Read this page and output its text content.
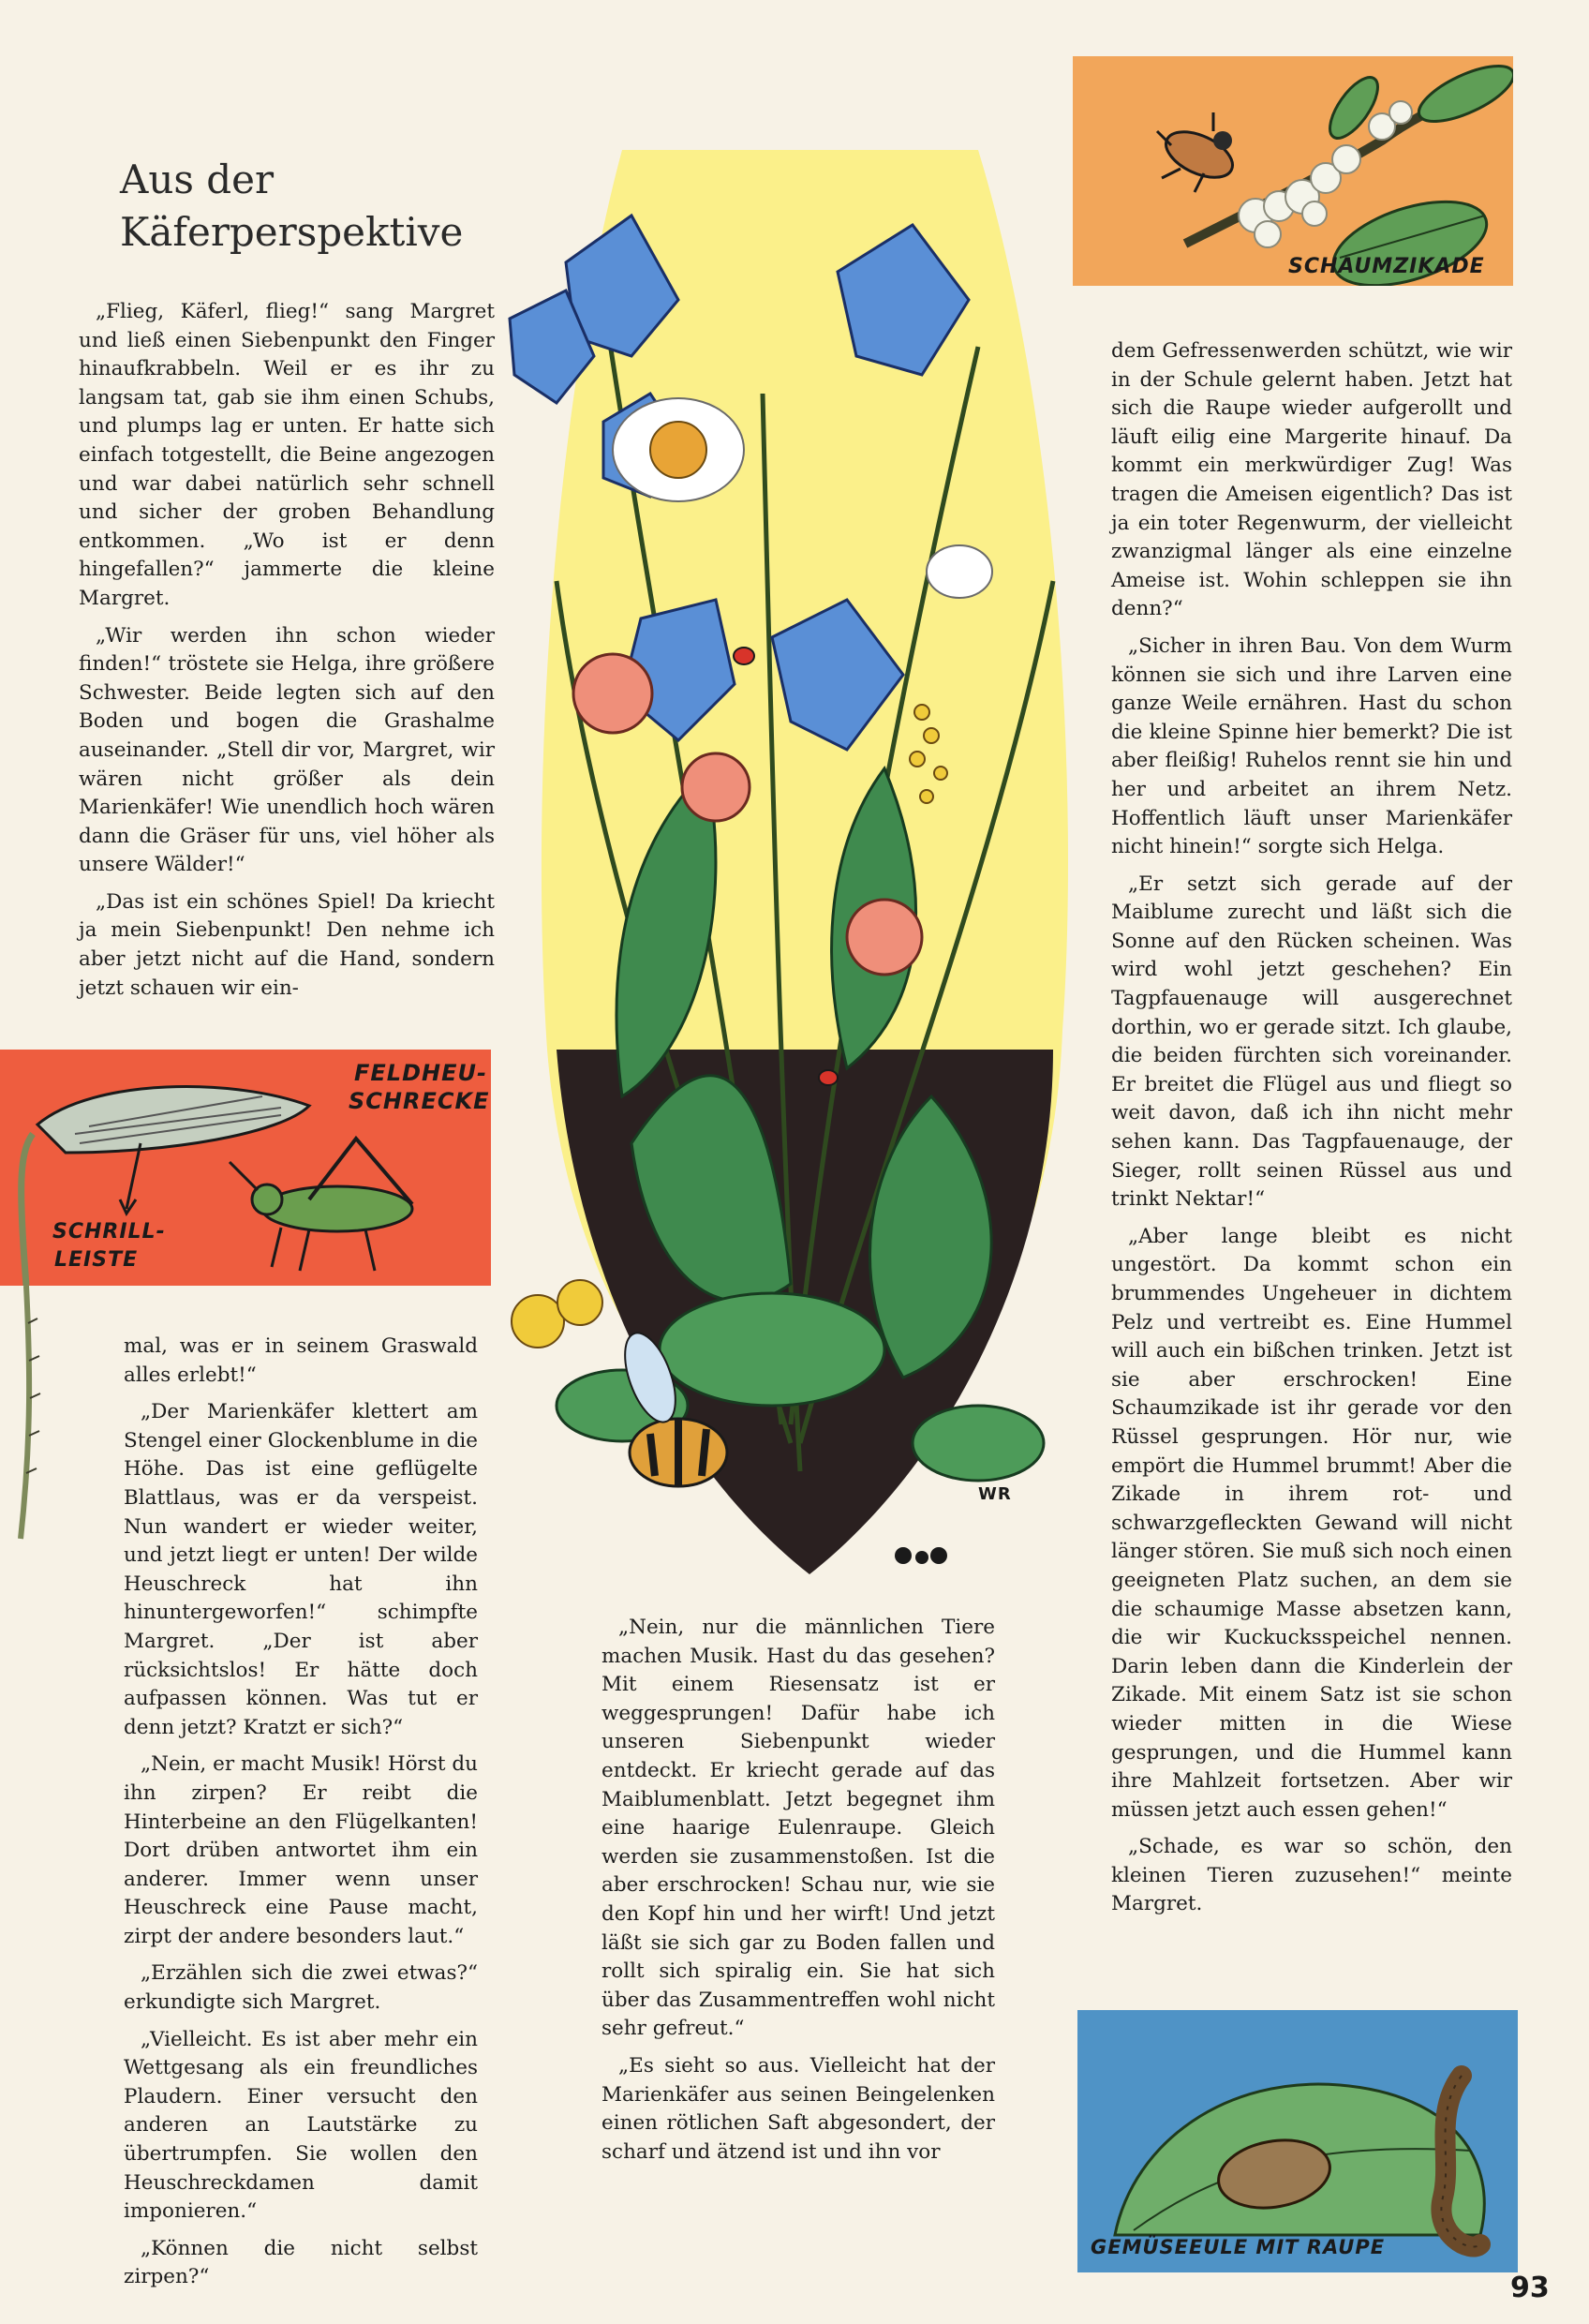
Aus der
Käferperspektive

„Flieg, Käferl, flieg!“ sang Margret und ließ einen Siebenpunkt den Finger hinaufkrabbeln. Weil er es ihr zu langsam tat, gab sie ihm einen Schubs, und plumps lag er unten. Er hatte sich einfach totgestellt, die Beine angezogen und war dabei natürlich sehr schnell und sicher der groben Behandlung entkommen. „Wo ist er denn hingefallen?“ jammerte die kleine Margret.

„Wir werden ihn schon wieder finden!“ tröstete sie Helga, ihre größere Schwester. Beide legten sich auf den Boden und bogen die Grashalme auseinander. „Stell dir vor, Margret, wir wären nicht größer als dein Marienkäfer! Wie unendlich hoch wären dann die Gräser für uns, viel höher als unsere Wälder!“

„Das ist ein schönes Spiel! Da kriecht ja mein Siebenpunkt! Den nehme ich aber jetzt nicht auf die Hand, sondern jetzt schauen wir ein-

mal, was er in seinem Graswald alles erlebt!“

„Der Marienkäfer klettert am Stengel einer Glockenblume in die Höhe. Das ist eine geflügelte Blattlaus, was er da verspeist. Nun wandert er wieder weiter, und jetzt liegt er unten! Der wilde Heuschreck hat ihn hinuntergeworfen!“ schimpfte Margret. „Der ist aber rücksichtslos! Er hätte doch aufpassen können. Was tut er denn jetzt? Kratzt er sich?“

„Nein, er macht Musik! Hörst du ihn zirpen? Er reibt die Hinterbeine an den Flügelkanten! Dort drüben antwortet ihm ein anderer. Immer wenn unser Heuschreck eine Pause macht, zirpt der andere besonders laut.“

„Erzählen sich die zwei etwas?“ erkundigte sich Margret.

„Vielleicht. Es ist aber mehr ein Wettgesang als ein freundliches Plaudern. Einer versucht den anderen an Lautstärke zu übertrumpfen. Sie wollen den Heuschreckdamen damit imponieren.“

„Können die nicht selbst zirpen?“

„Nein, nur die männlichen Tiere machen Musik. Hast du das gesehen? Mit einem Riesensatz ist er weggesprungen! Dafür habe ich unseren Siebenpunkt wieder entdeckt. Er kriecht gerade auf das Maiblumenblatt. Jetzt begegnet ihm eine haarige Eulenraupe. Gleich werden sie zusammenstoßen. Ist die aber erschrocken! Schau nur, wie sie den Kopf hin und her wirft! Und jetzt läßt sie sich gar zu Boden fallen und rollt sich spiralig ein. Sie hat sich über das Zusammentreffen wohl nicht sehr gefreut.“

„Es sieht so aus. Vielleicht hat der Marienkäfer aus seinen Beingelenken einen rötlichen Saft abgesondert, der scharf und ätzend ist und ihn vor

dem Gefressenwerden schützt, wie wir in der Schule gelernt haben. Jetzt hat sich die Raupe wieder aufgerollt und läuft eilig eine Margerite hinauf. Da kommt ein merkwürdiger Zug! Was tragen die Ameisen eigentlich? Das ist ja ein toter Regenwurm, der vielleicht zwanzigmal länger als eine einzelne Ameise ist. Wohin schleppen sie ihn denn?“

„Sicher in ihren Bau. Von dem Wurm können sie sich und ihre Larven eine ganze Weile ernähren. Hast du schon die kleine Spinne hier bemerkt? Die ist aber fleißig! Ruhelos rennt sie hin und her und arbeitet an ihrem Netz. Hoffentlich läuft unser Marienkäfer nicht hinein!“ sorgte sich Helga.

„Er setzt sich gerade auf der Maiblume zurecht und läßt sich die Sonne auf den Rücken scheinen. Was wird wohl jetzt geschehen? Ein Tagpfauenauge will ausgerechnet dorthin, wo er gerade sitzt. Ich glaube, die beiden fürchten sich voreinander. Er breitet die Flügel aus und fliegt so weit davon, daß ich ihn nicht mehr sehen kann. Das Tagpfauenauge, der Sieger, rollt seinen Rüssel aus und trinkt Nektar!“

„Aber lange bleibt es nicht ungestört. Da kommt schon ein brummendes Ungeheuer in dichtem Pelz und vertreibt es. Eine Hummel will auch ein bißchen trinken. Jetzt ist sie aber erschrocken! Eine Schaumzikade ist ihr gerade vor den Rüssel gesprungen. Hör nur, wie empört die Hummel brummt! Aber die Zikade in ihrem rot- und schwarzgefleckten Gewand will nicht länger stören. Sie muß sich noch einen geeigneten Platz suchen, an dem sie die schaumige Masse absetzen kann, die wir Kuckucksspeichel nennen. Darin leben dann die Kinderlein der Zikade. Mit einem Satz ist sie schon wieder mitten in die Wiese gesprungen, und die Hummel kann ihre Mahlzeit fortsetzen. Aber wir müssen jetzt auch essen gehen!“

„Schade, es war so schön, den kleinen Tieren zuzusehen!“ meinte Margret.

SCHAUMZIKADE
FELDHEU-
SCHRECKE
SCHRILL-
LEISTE
WR
GEMÜSEEULE MIT RAUPE
93
